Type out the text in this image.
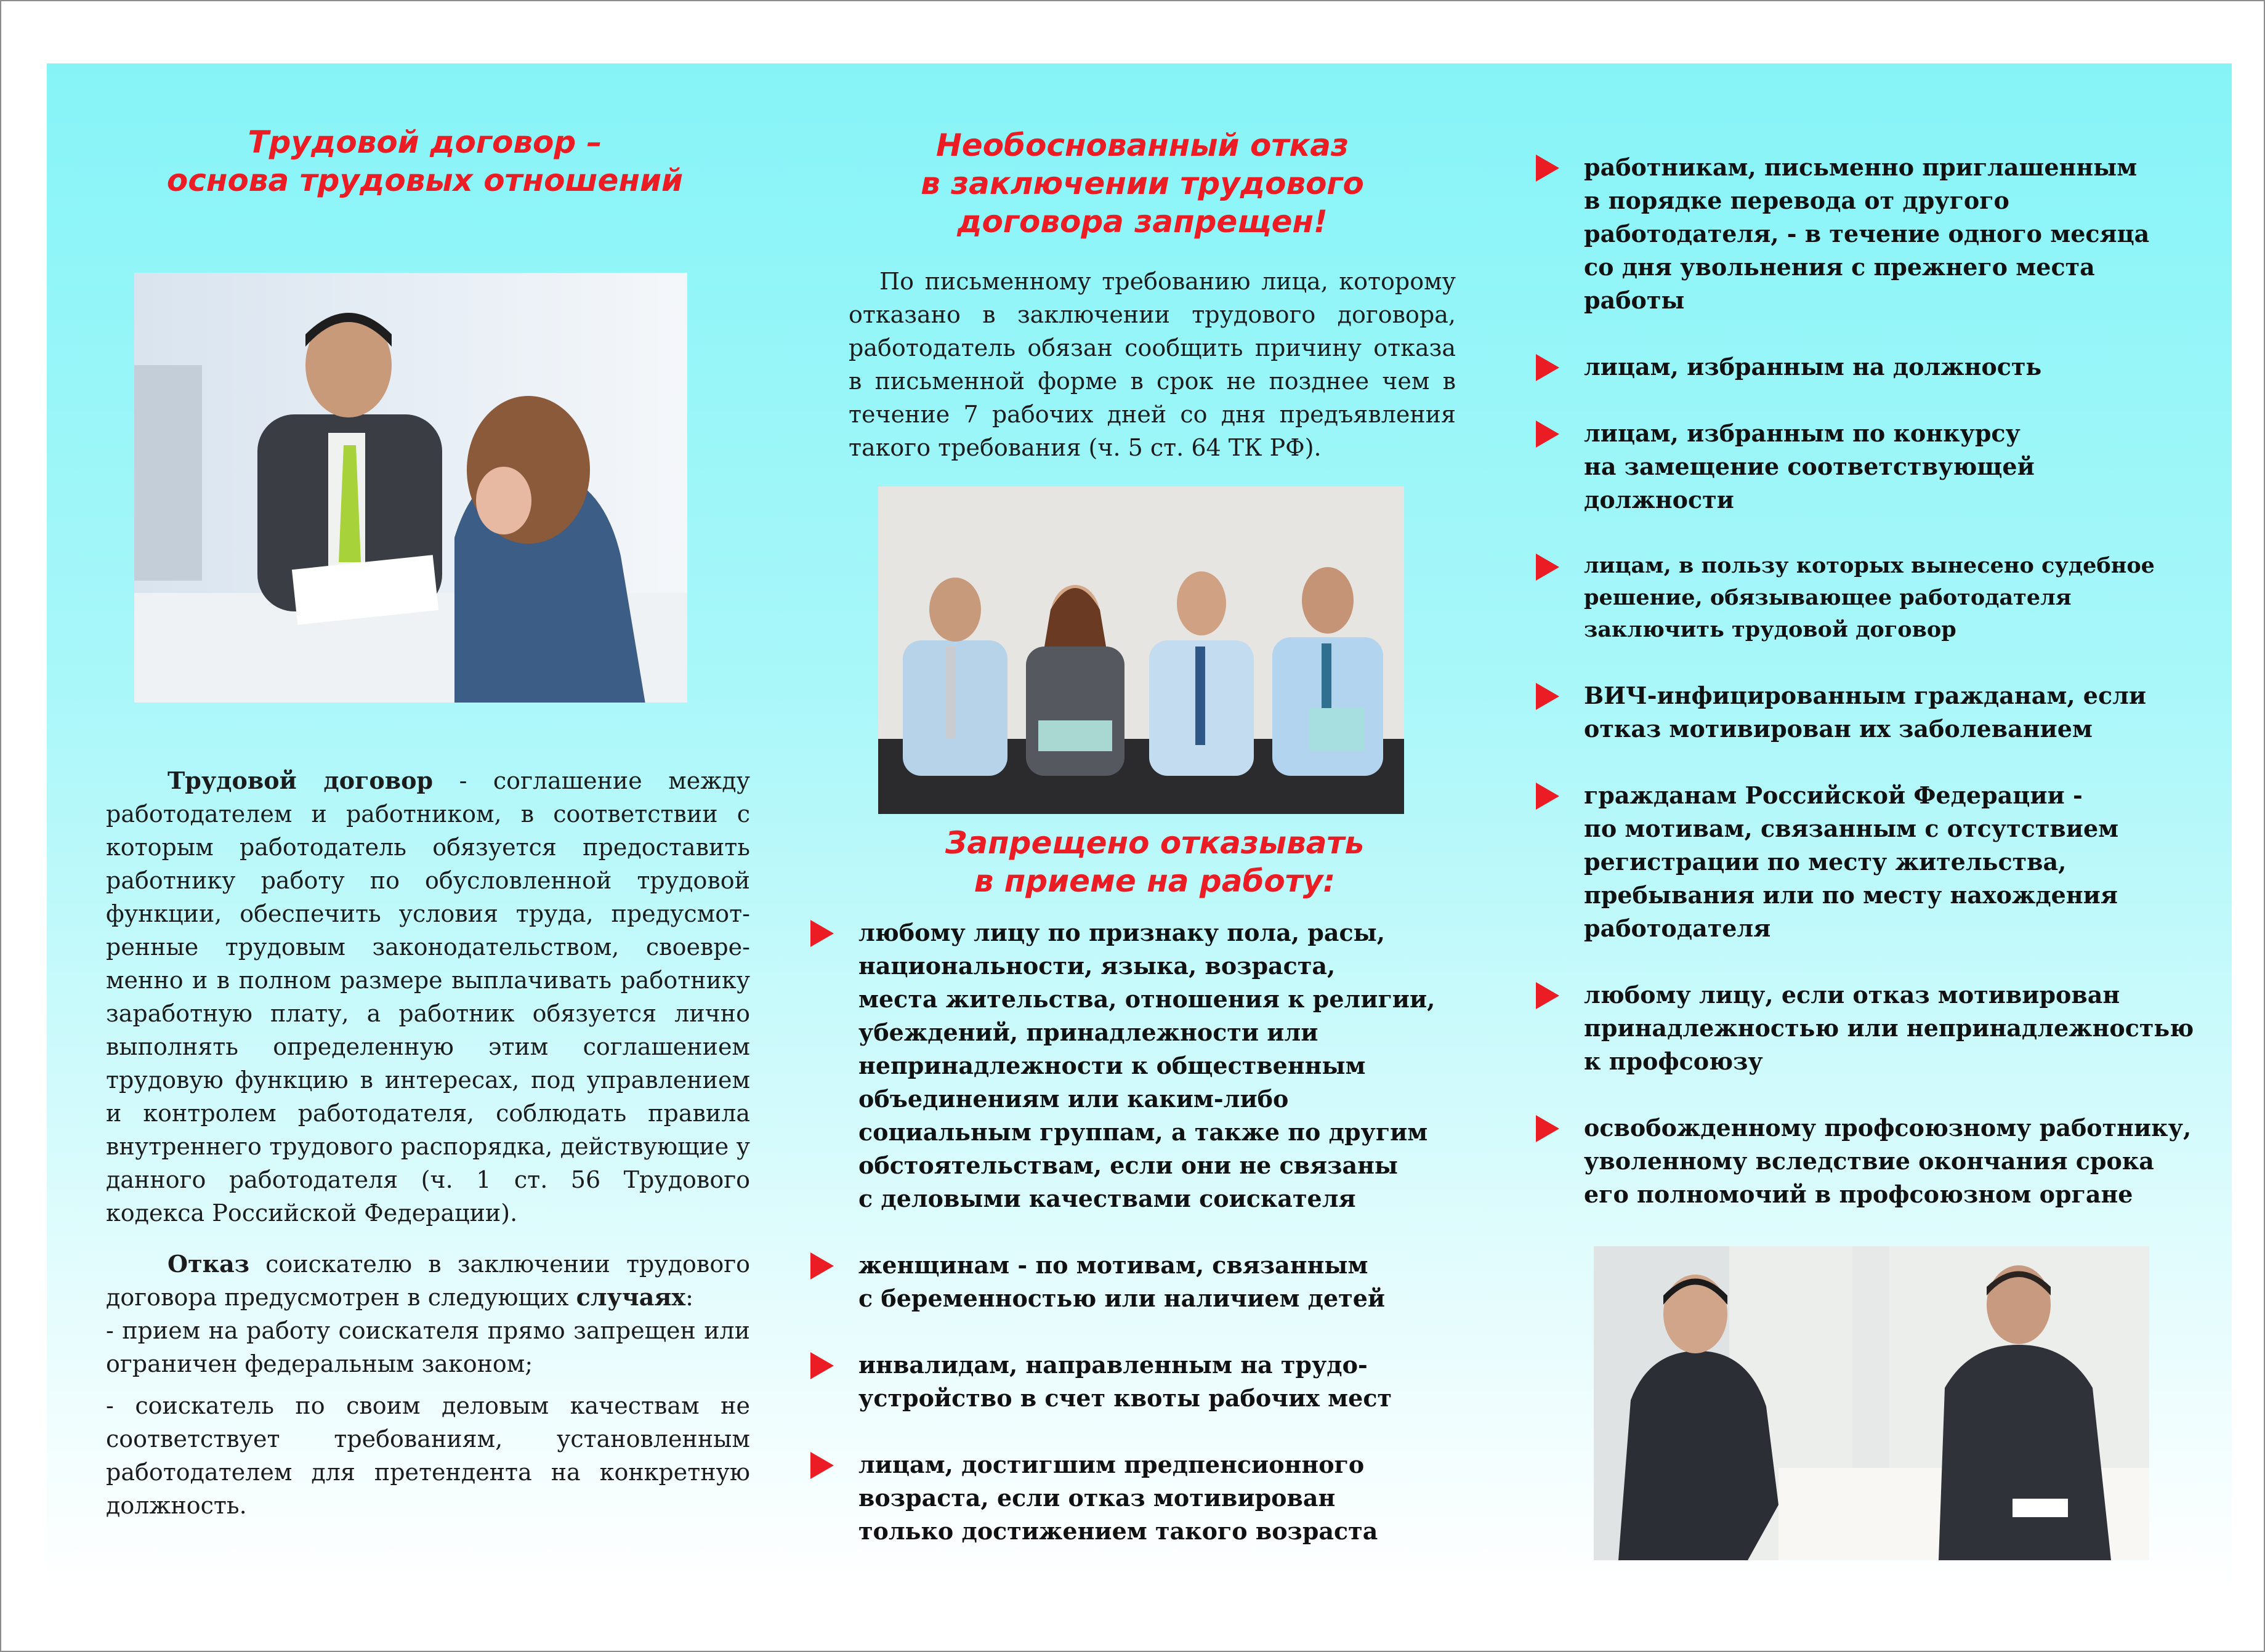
Трудовой договор –
основа трудовых отношений

Трудовой договор - соглашение между работодателем и работником, в соответствии с которым работодатель обязуется предоставить работнику работу по обусловленной трудовой функции, обеспечить условия труда, предусмот-ренные трудовым законодательством, своевре-менно и в полном размере выплачивать работнику заработную плату, а работник обязуется лично выполнять определенную этим соглашением трудовую функцию в интересах, под управлением и контролем работодателя, соблюдать правила внутреннего трудового распорядка, действующие у данного работодателя (ч. 1 ст. 56 Трудового кодекса Российской Федерации).

Отказ соискателю в заключении трудового договора предусмотрен в следующих случаях:

- прием на работу соискателя прямо запрещен или ограничен федеральным законом;

- соискатель по своим деловым качествам не соответствует требованиям, установленным работодателем для претендента на конкретную должность.

Необоснованный отказ
в заключении трудового
договора запрещен!

По письменному требованию лица, которому отказано в заключении трудового договора, работодатель обязан сообщить причину отказа в письменной форме в срок не позднее чем в течение 7 рабочих дней со дня предъявления такого требования (ч. 5 ст. 64 ТК РФ).

Запрещено отказывать
в приеме на работу:
любому лицу по признаку пола, расы,
национальности, языка, возраста,
места жительства, отношения к религии,
убеждений, принадлежности или
непринадлежности к общественным
объединениям или каким-либо
социальным группам, а также по другим
обстоятельствам, если они не связаны
с деловыми качествами соискателя
женщинам - по мотивам, связанным
с беременностью или наличием детей
инвалидам, направленным на трудо-
устройство в счет квоты рабочих мест
лицам, достигшим предпенсионного
возраста, если отказ мотивирован
только достижением такого возраста
работникам, письменно приглашенным
в порядке перевода от другого
работодателя, - в течение одного месяца
со дня увольнения с прежнего места
работы
лицам, избранным на должность
лицам, избранным по конкурсу
на замещение соответствующей
должности
лицам, в пользу которых вынесено судебное
решение, обязывающее работодателя
заключить трудовой договор
ВИЧ-инфицированным гражданам, если
отказ мотивирован их заболеванием
гражданам Российской Федерации -
по мотивам, связанным с отсутствием
регистрации по месту жительства,
пребывания или по месту нахождения
работодателя
любому лицу, если отказ мотивирован
принадлежностью или непринадлежностью
к профсоюзу
освобожденному профсоюзному работнику,
уволенному вследствие окончания срока
его полномочий в профсоюзном органе
